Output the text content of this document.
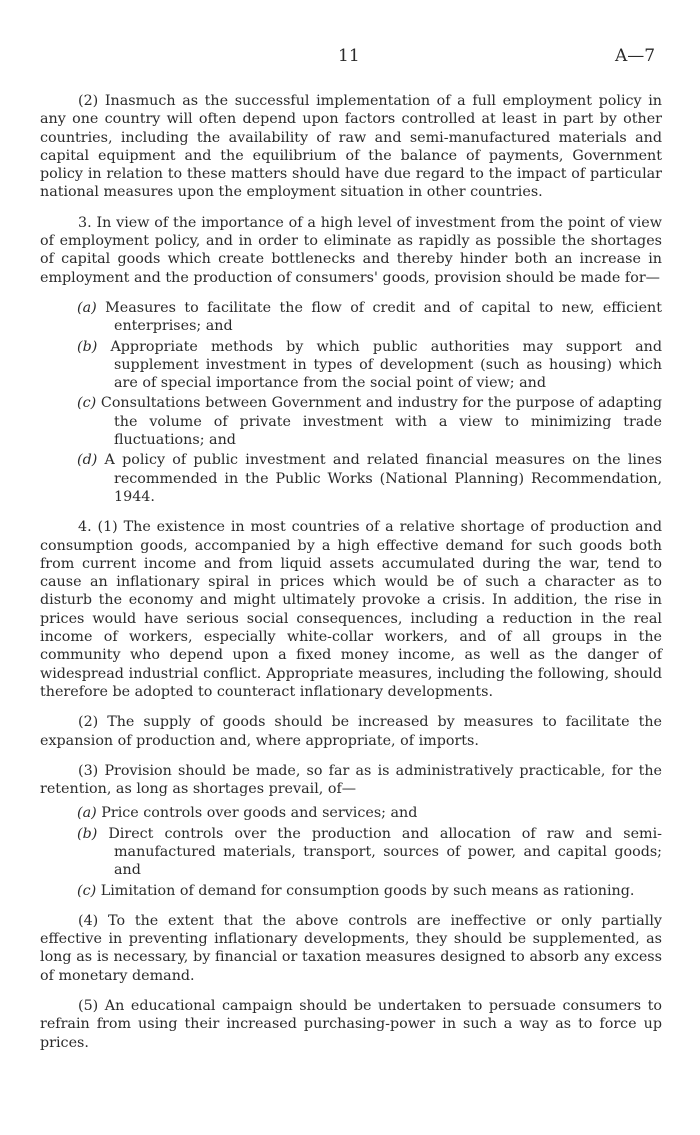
11	A—7

(2) Inasmuch as the successful implementation of a full employment policy in any one country will often depend upon factors controlled at least in part by other countries, including the availability of raw and semi-manufactured materials and capital equipment and the equilibrium of the balance of payments, Government policy in relation to these matters should have due regard to the impact of particular national measures upon the employment situation in other countries.

3. In view of the importance of a high level of investment from the point of view of employment policy, and in order to eliminate as rapidly as possible the shortages of capital goods which create bottlenecks and thereby hinder both an increase in employment and the production of consumers' goods, provision should be made for—

(a) Measures to facilitate the flow of credit and of capital to new, efficient enterprises; and
(b) Appropriate methods by which public authorities may support and supplement investment in types of development (such as housing) which are of special importance from the social point of view; and
(c) Consultations between Government and industry for the purpose of adapting the volume of private investment with a view to minimizing trade fluctuations; and
(d) A policy of public investment and related financial measures on the lines recommended in the Public Works (National Planning) Recommendation, 1944.

4. (1) The existence in most countries of a relative shortage of production and consumption goods, accompanied by a high effective demand for such goods both from current income and from liquid assets accumulated during the war, tend to cause an inflationary spiral in prices which would be of such a character as to disturb the economy and might ultimately provoke a crisis. In addition, the rise in prices would have serious social consequences, including a reduction in the real income of workers, especially white-collar workers, and of all groups in the community who depend upon a fixed money income, as well as the danger of widespread industrial conflict. Appropriate measures, including the following, should therefore be adopted to counteract inflationary developments.

(2) The supply of goods should be increased by measures to facilitate the expansion of production and, where appropriate, of imports.

(3) Provision should be made, so far as is administratively practicable, for the retention, as long as shortages prevail, of—

(a) Price controls over goods and services; and
(b) Direct controls over the production and allocation of raw and semi-manufactured materials, transport, sources of power, and capital goods; and
(c) Limitation of demand for consumption goods by such means as rationing.

(4) To the extent that the above controls are ineffective or only partially effective in preventing inflationary developments, they should be supplemented, as long as is necessary, by financial or taxation measures designed to absorb any excess of monetary demand.

(5) An educational campaign should be undertaken to persuade consumers to refrain from using their increased purchasing-power in such a way as to force up prices.
